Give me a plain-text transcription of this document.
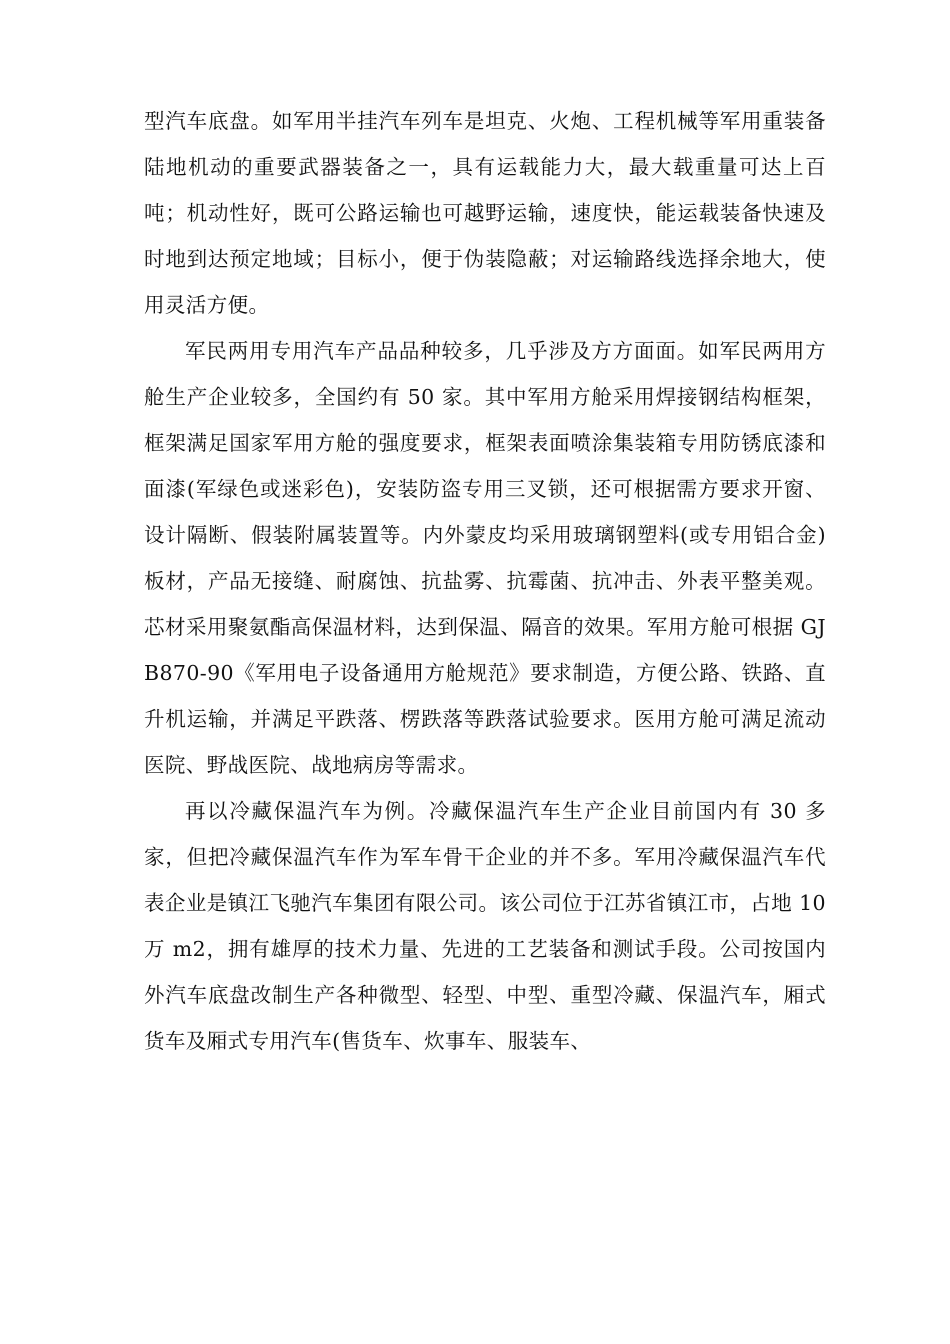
型汽车底盘。如军用半挂汽车列车是坦克、火炮、工程机械等军用重装备陆地机动的重要武器装备之一，具有运载能力大，最大载重量可达上百吨；机动性好，既可公路运输也可越野运输，速度快，能运载装备快速及时地到达预定地域；目标小，便于伪装隐蔽；对运输路线选择余地大，使用灵活方便。

军民两用专用汽车产品品种较多，几乎涉及方方面面。如军民两用方舱生产企业较多，全国约有 50 家。其中军用方舱采用焊接钢结构框架，框架满足国家军用方舱的强度要求，框架表面喷涂集装箱专用防锈底漆和面漆(军绿色或迷彩色)，安装防盗专用三叉锁，还可根据需方要求开窗、设计隔断、假装附属装置等。内外蒙皮均采用玻璃钢塑料(或专用铝合金)板材，产品无接缝、耐腐蚀、抗盐雾、抗霉菌、抗冲击、外表平整美观。芯材采用聚氨酯高保温材料，达到保温、隔音的效果。军用方舱可根据 GJB870-90《军用电子设备通用方舱规范》要求制造，方便公路、铁路、直升机运输，并满足平跌落、楞跌落等跌落试验要求。医用方舱可满足流动医院、野战医院、战地病房等需求。

再以冷藏保温汽车为例。冷藏保温汽车生产企业目前国内有 30 多家，但把冷藏保温汽车作为军车骨干企业的并不多。军用冷藏保温汽车代表企业是镇江飞驰汽车集团有限公司。该公司位于江苏省镇江市，占地 10 万 m2，拥有雄厚的技术力量、先进的工艺装备和测试手段。公司按国内外汽车底盘改制生产各种微型、轻型、中型、重型冷藏、保温汽车，厢式货车及厢式专用汽车(售货车、炊事车、服装车、
